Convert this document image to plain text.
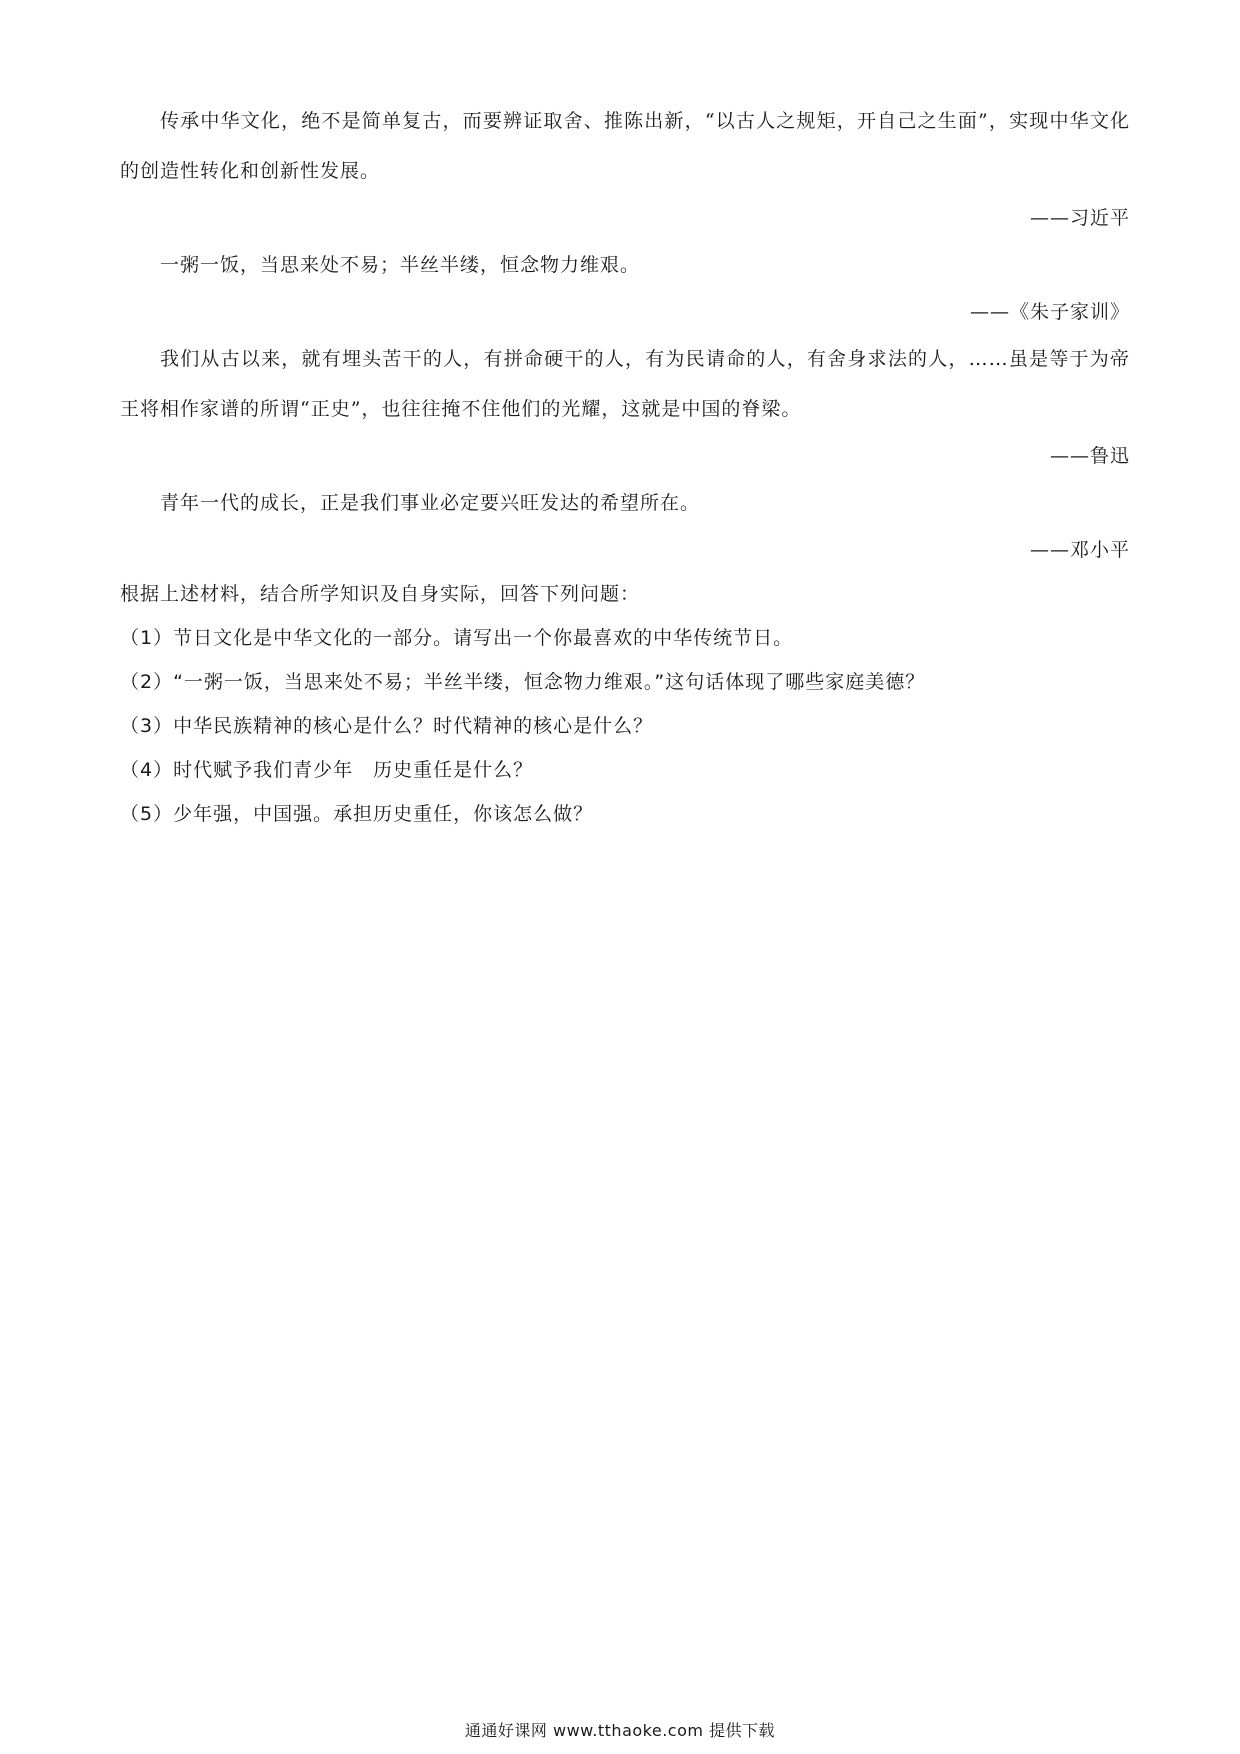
传承中华文化，绝不是简单复古，而要辨证取舍、推陈出新，“以古人之规矩，开自己之生面”，实现中华文化的创造性转化和创新性发展。

——习近平

一粥一饭，当思来处不易；半丝半缕，恒念物力维艰。

——《朱子家训》

我们从古以来，就有埋头苦干的人，有拼命硬干的人，有为民请命的人，有舍身求法的人，……虽是等于为帝王将相作家谱的所谓“正史”，也往往掩不住他们的光耀，这就是中国的脊梁。

——鲁迅

青年一代的成长，正是我们事业必定要兴旺发达的希望所在。

——邓小平

根据上述材料，结合所学知识及自身实际，回答下列问题：

（1）节日文化是中华文化的一部分。请写出一个你最喜欢的中华传统节日。
（2）“一粥一饭，当思来处不易；半丝半缕，恒念物力维艰。”这句话体现了哪些家庭美德？
（3）中华民族精神的核心是什么？时代精神的核心是什么？
（4）时代赋予我们青少年　历史重任是什么？
（5）少年强，中国强。承担历史重任，你该怎么做？
通通好课网 www.tthaoke.com 提供下载
